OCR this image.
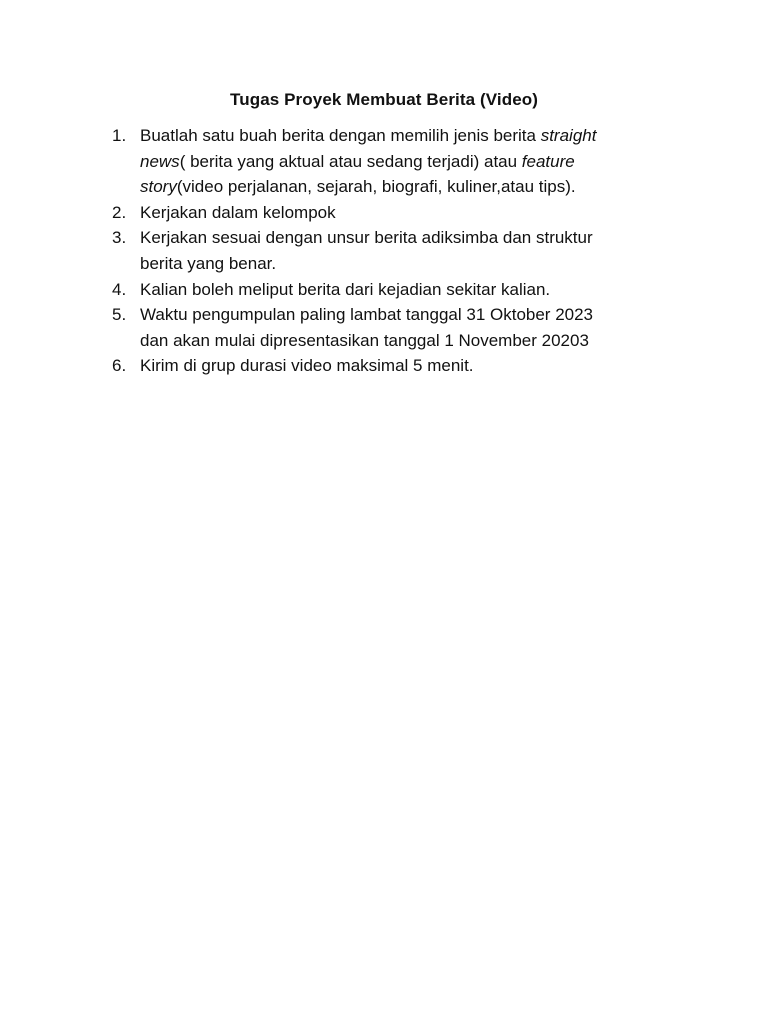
Tugas Proyek Membuat Berita (Video)
1. Buatlah satu buah berita dengan memilih jenis berita straight
news( berita yang aktual atau sedang terjadi) atau feature
story(video perjalanan, sejarah, biografi, kuliner,atau tips).
2. Kerjakan dalam kelompok
3. Kerjakan sesuai dengan unsur berita adiksimba dan struktur
berita yang benar.
4. Kalian boleh meliput berita dari kejadian sekitar kalian.
5. Waktu pengumpulan paling lambat tanggal 31 Oktober 2023
dan akan mulai dipresentasikan tanggal 1 November 20203
6. Kirim di grup durasi video maksimal 5 menit.
